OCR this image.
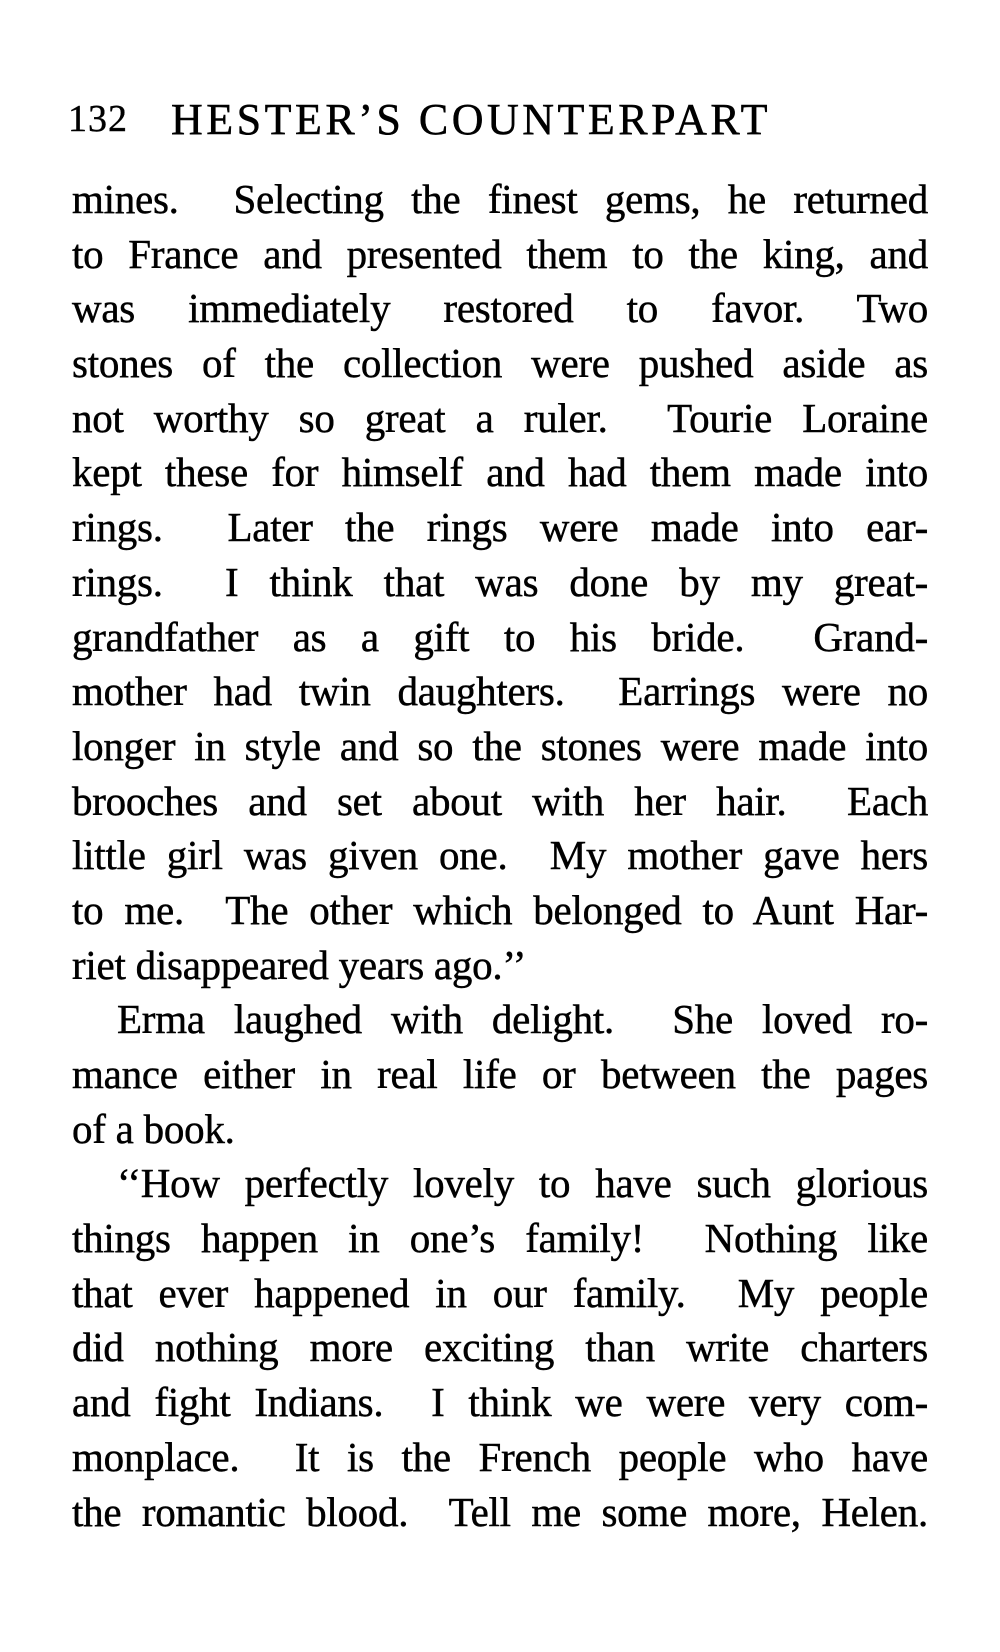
132 HESTER’S COUNTERPART
mines.  Selecting the finest gems, he returned
to France and presented them to the king, and
was  immediately  restored  to  favor.  Two
stones of the collection were pushed aside as
not worthy so great a ruler.  Tourie Loraine
kept these for himself and had them made into
rings.  Later the rings were made into ear-
rings.  I think that was done by my great-
grandfather as a gift to his bride.  Grand-
mother had twin daughters.  Earrings were no
longer in style and so the stones were made into
brooches and set about with her hair.  Each
little girl was given one.  My mother gave hers
to me.  The other which belonged to Aunt Har-
riet disappeared years ago.’’
Erma laughed with delight.  She loved ro-
mance either in real life or between the pages
of a book.
‘‘How perfectly lovely to have such glorious
things happen in one’s family!  Nothing like
that ever happened in our family.  My people
did nothing more exciting than write charters
and fight Indians.  I think we were very com-
monplace.  It is the French people who have
the romantic blood.  Tell me some more, Helen.
